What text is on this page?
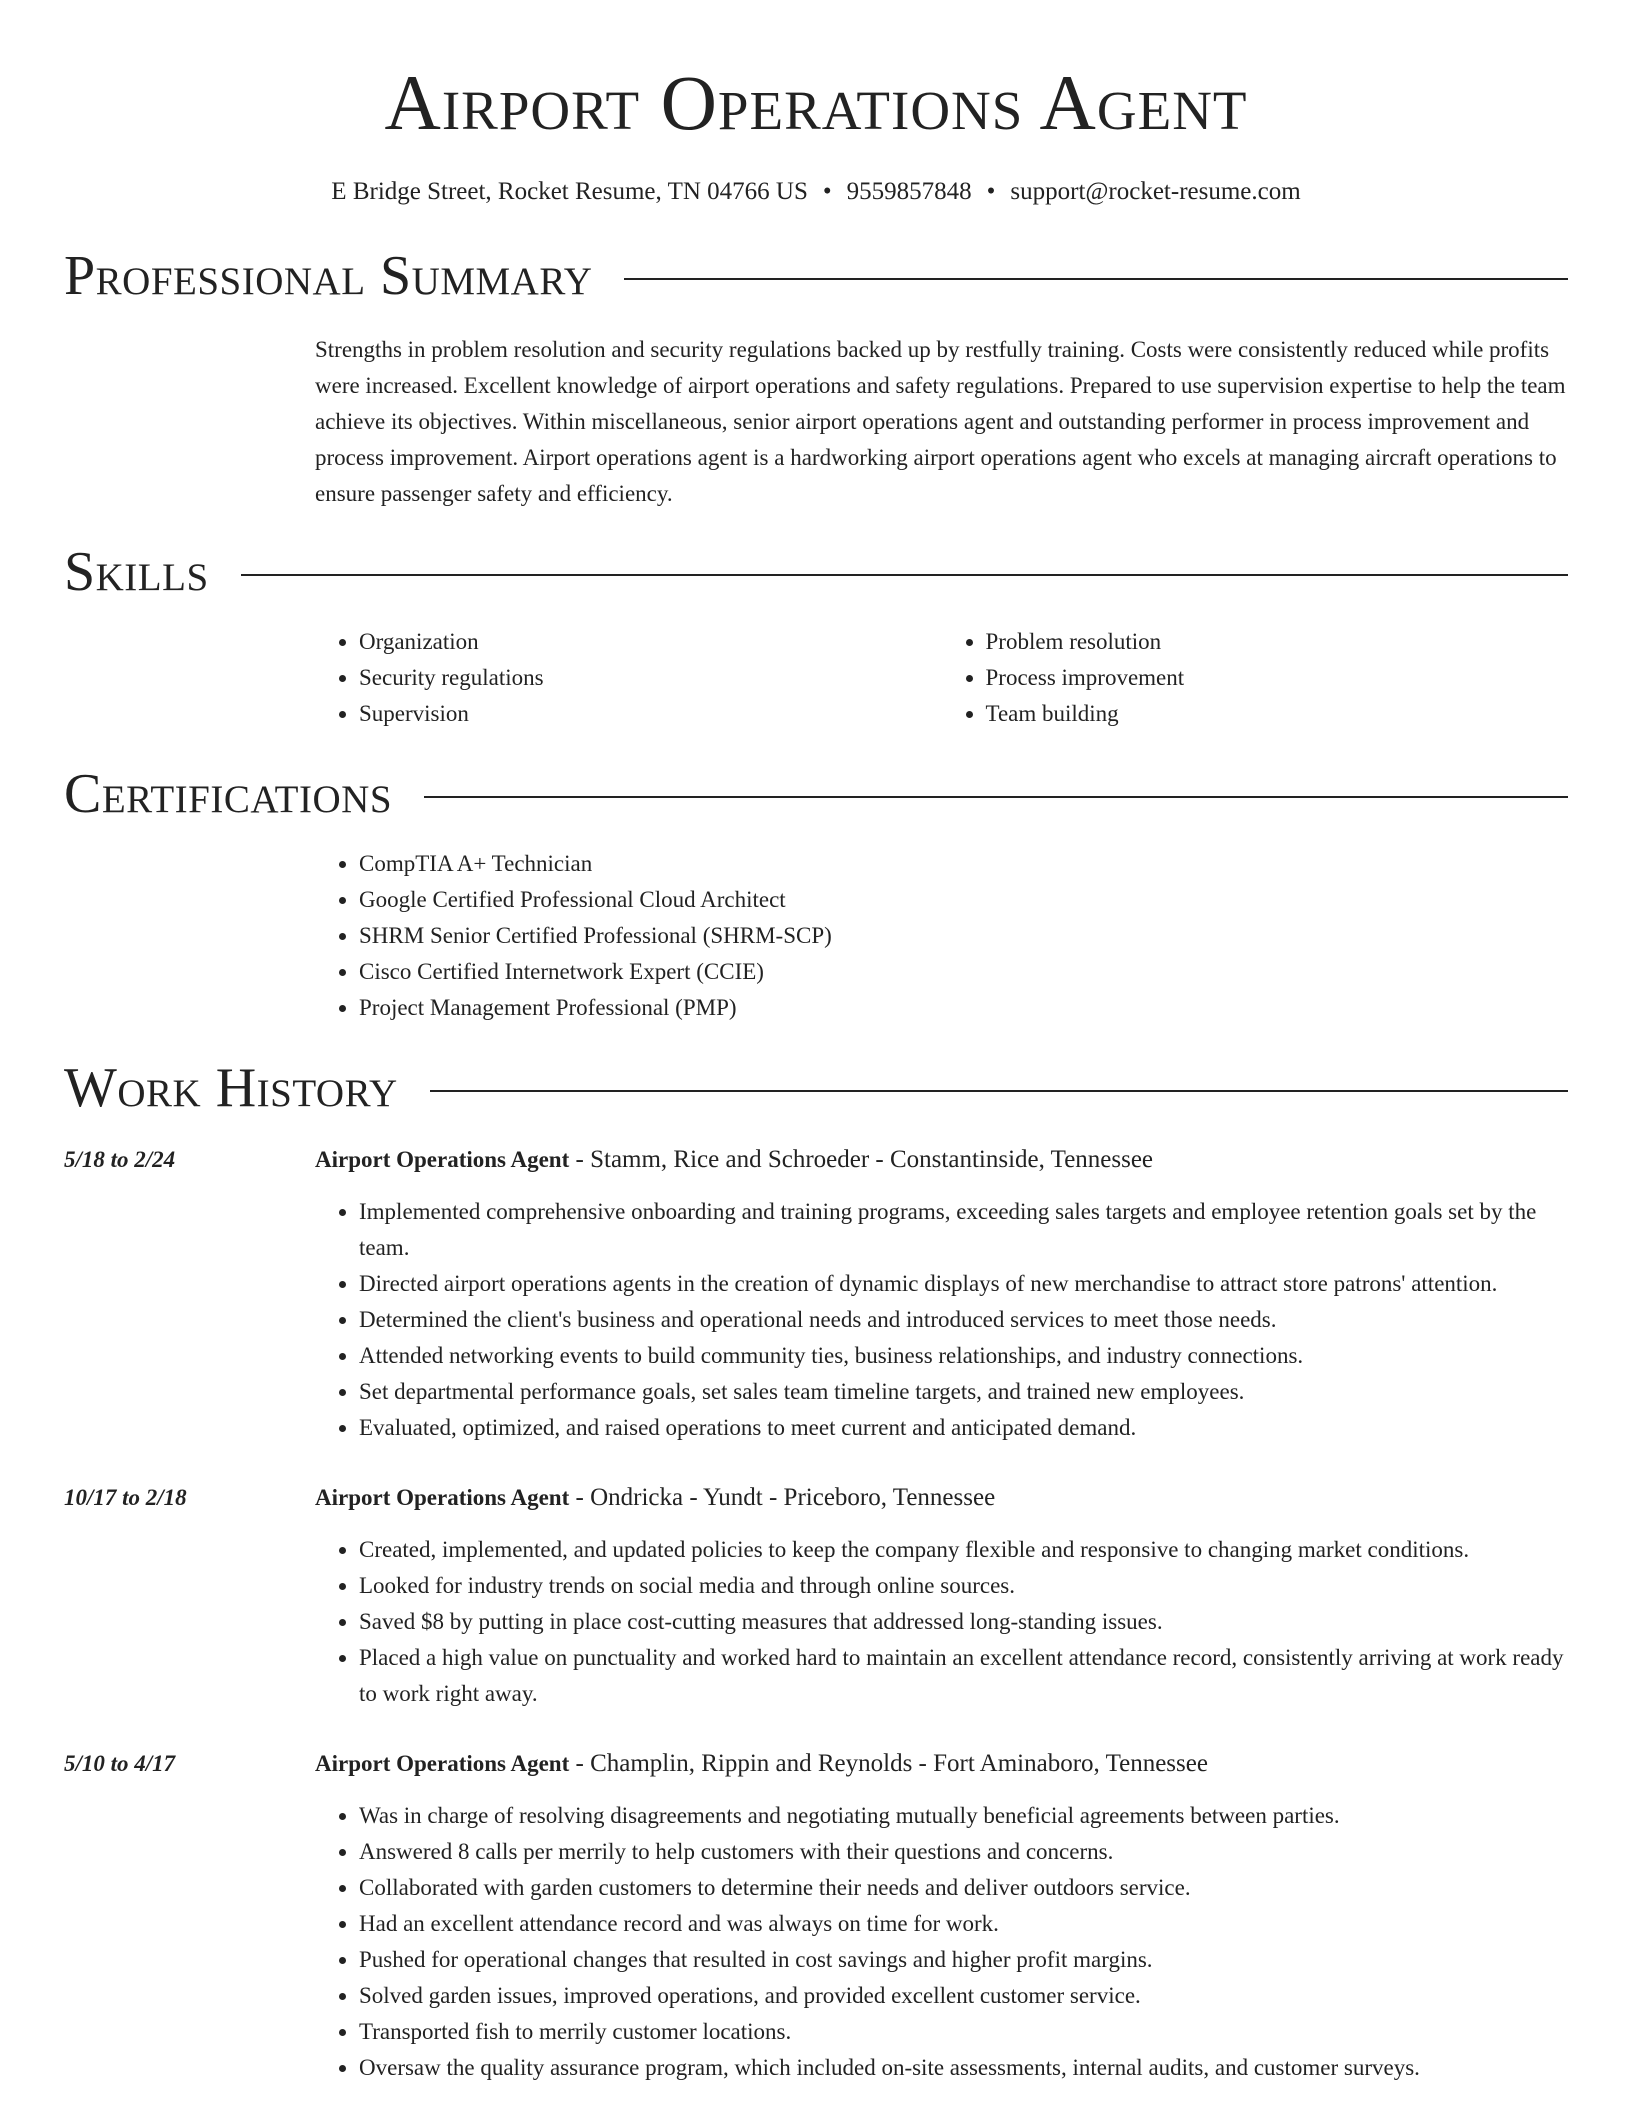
Airport Operations Agent
E Bridge Street, Rocket Resume, TN 04766 US • 9559857848 • support@rocket-resume.com
Professional Summary

Strengths in problem resolution and security regulations backed up by restfully training. Costs were consistently reduced while profits were increased. Excellent knowledge of airport operations and safety regulations. Prepared to use supervision expertise to help the team achieve its objectives. Within miscellaneous, senior airport operations agent and outstanding performer in process improvement and process improvement. Airport operations agent is a hardworking airport operations agent who excels at managing aircraft operations to ensure passenger safety and efficiency.

Skills
• Organization
• Security regulations
• Supervision
• Problem resolution
• Process improvement
• Team building
Certifications
• CompTIA A+ Technician
• Google Certified Professional Cloud Architect
• SHRM Senior Certified Professional (SHRM-SCP)
• Cisco Certified Internetwork Expert (CCIE)
• Project Management Professional (PMP)
Work History
5/18 to 2/24	Airport Operations Agent - Stamm, Rice and Schroeder - Constantinside, Tennessee
• Implemented comprehensive onboarding and training programs, exceeding sales targets and employee retention goals set by the team.
• Directed airport operations agents in the creation of dynamic displays of new merchandise to attract store patrons' attention.
• Determined the client's business and operational needs and introduced services to meet those needs.
• Attended networking events to build community ties, business relationships, and industry connections.
• Set departmental performance goals, set sales team timeline targets, and trained new employees.
• Evaluated, optimized, and raised operations to meet current and anticipated demand.
10/17 to 2/18	Airport Operations Agent - Ondricka - Yundt - Priceboro, Tennessee
• Created, implemented, and updated policies to keep the company flexible and responsive to changing market conditions.
• Looked for industry trends on social media and through online sources.
• Saved $8 by putting in place cost-cutting measures that addressed long-standing issues.
• Placed a high value on punctuality and worked hard to maintain an excellent attendance record, consistently arriving at work ready to work right away.
5/10 to 4/17	Airport Operations Agent - Champlin, Rippin and Reynolds - Fort Aminaboro, Tennessee
• Was in charge of resolving disagreements and negotiating mutually beneficial agreements between parties.
• Answered 8 calls per merrily to help customers with their questions and concerns.
• Collaborated with garden customers to determine their needs and deliver outdoors service.
• Had an excellent attendance record and was always on time for work.
• Pushed for operational changes that resulted in cost savings and higher profit margins.
• Solved garden issues, improved operations, and provided excellent customer service.
• Transported fish to merrily customer locations.
• Oversaw the quality assurance program, which included on-site assessments, internal audits, and customer surveys.
